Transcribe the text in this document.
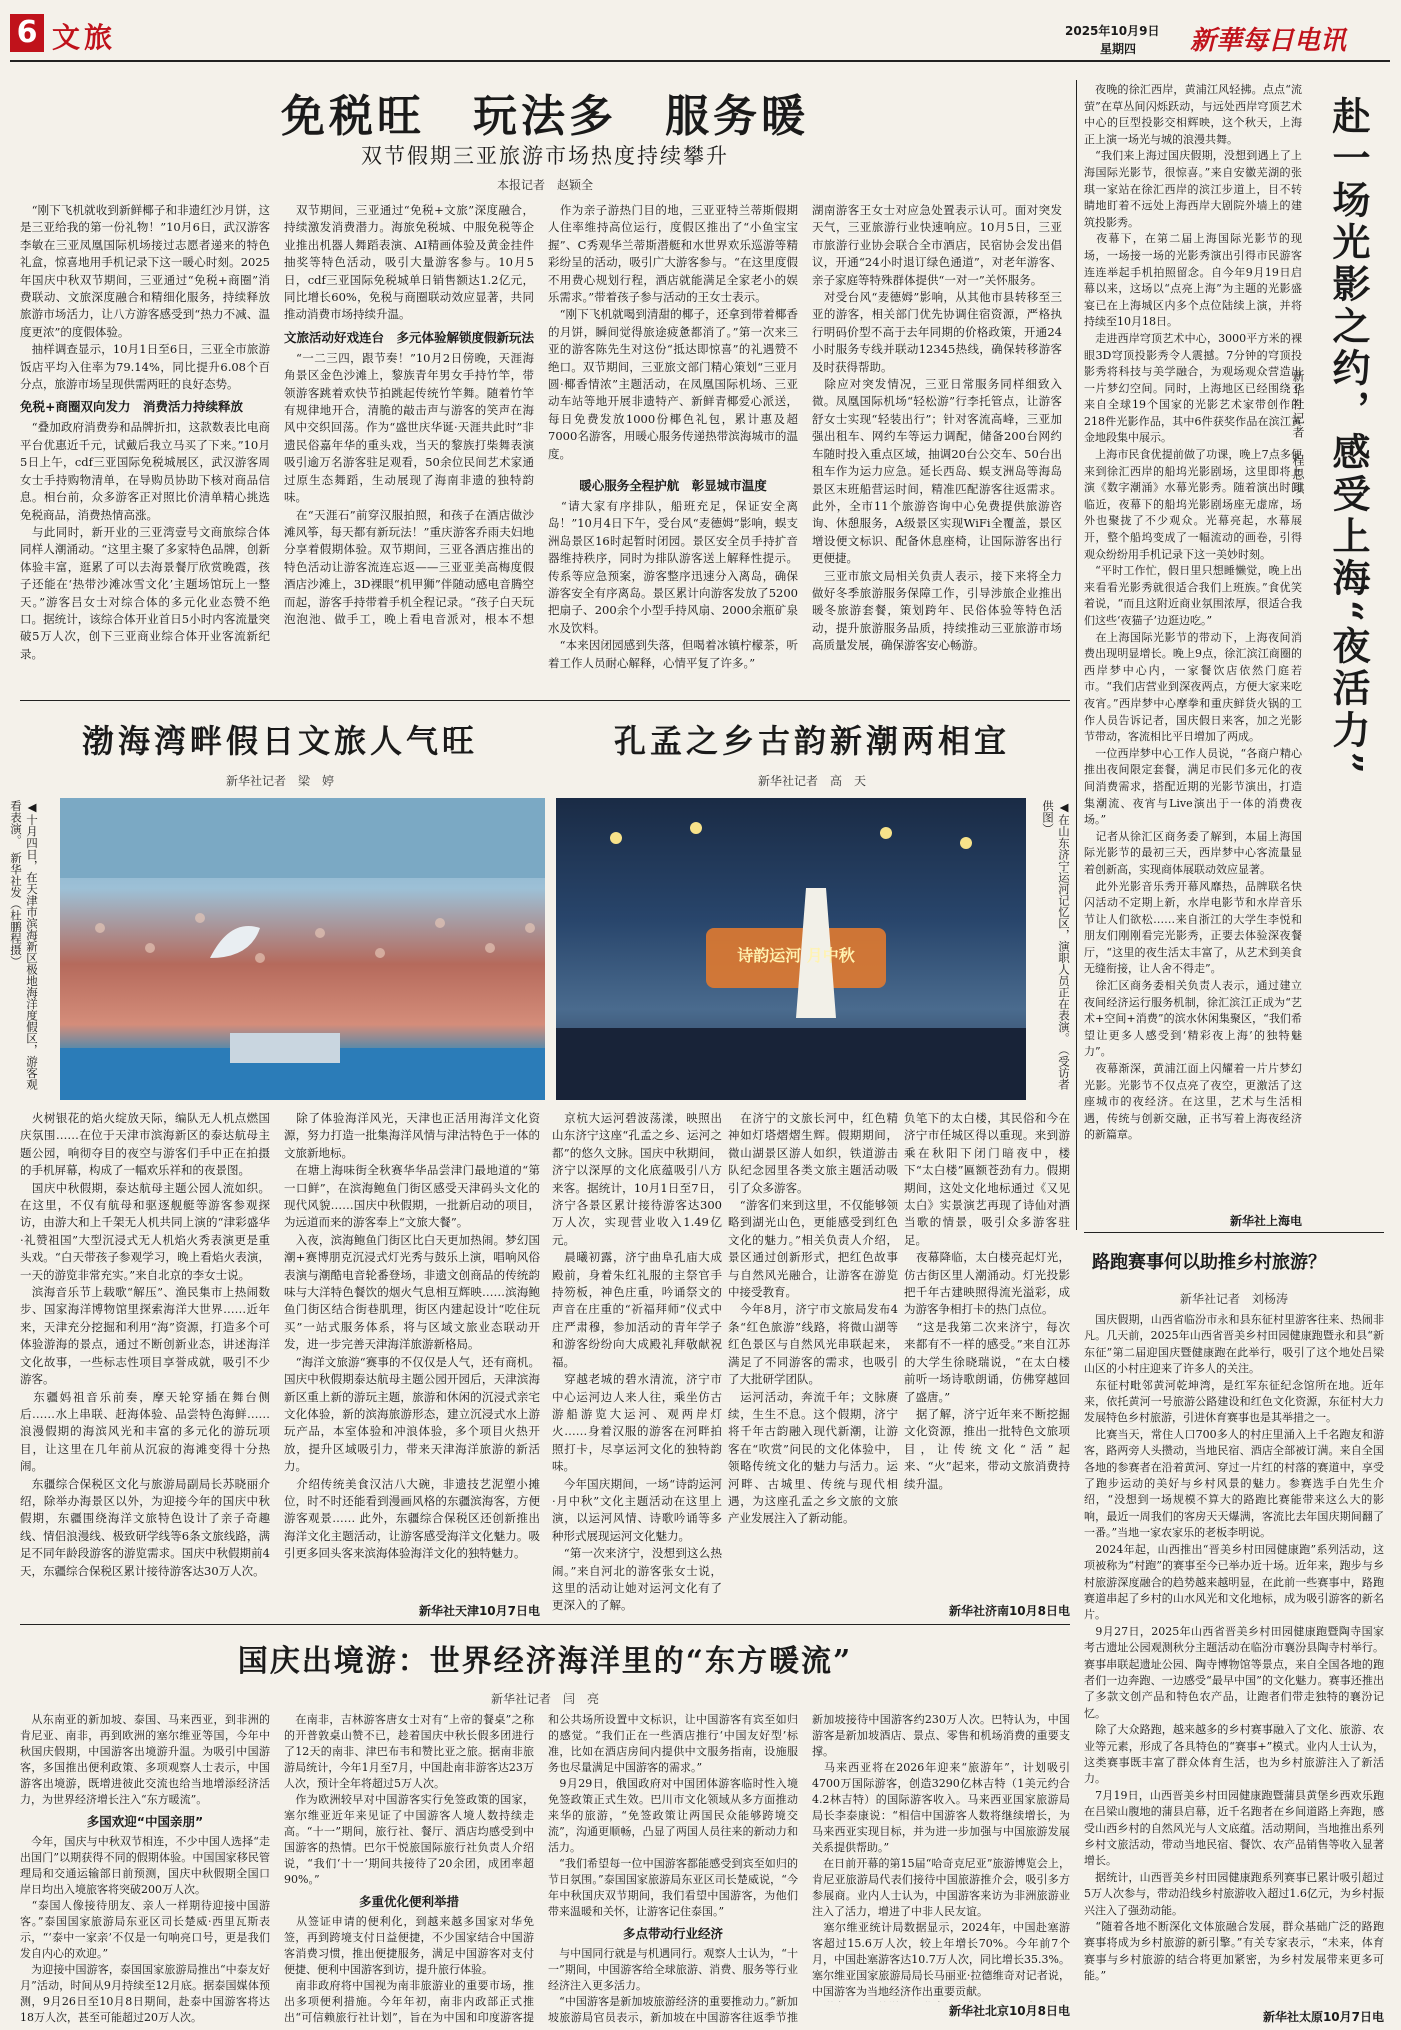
6 文旅	2025年10月9日
星期四 新華每日电讯
免税旺　玩法多　服务暖
双节假期三亚旅游市场热度持续攀升
本报记者　赵颖全
　“刚下飞机就收到新鲜椰子和非遗红沙月饼，这是三亚给我的第一份礼物！”10月6日，武汉游客李敏在三亚凤凰国际机场接过志愿者递来的特色礼盒，惊喜地用手机记录下这一暖心时刻。2025年国庆中秋双节期间，三亚通过“免税+商圈”消费联动、文旅深度融合和精细化服务，持续释放旅游市场活力，让八方游客感受到“热力不减、温度更浓”的度假体验。
　抽样调查显示，10月1日至6日，三亚全市旅游饭店平均入住率为79.14%，同比提升6.08个百分点，旅游市场呈现供需两旺的良好态势。
免税+商圈双向发力　消费活力持续释放
　“叠加政府消费券和品牌折扣，这款数表比电商平台优惠近千元，试戴后我立马买了下来。”10月5日上午，cdf三亚国际免税城展区，武汉游客周女士手持购物清单，在导购员协助下核对商品信息。相台前，众多游客正对照比价清单精心挑选免税商品，消费热情高涨。
　与此同时，新开业的三亚湾壹号文商旅综合体同样人潮涌动。“这里主聚了多家特色品牌，创新体验丰富，逛累了可以去海景餐厅欣赏晚霞，孩子还能在‘热带沙滩冰雪文化’主题场馆玩上一整天。”游客吕女士对综合体的多元化业态赞不绝口。据统计，该综合体开业首日5小时内客流量突破5万人次，创下三亚商业综合体开业客流新纪录。
　双节期间，三亚通过“免税+文旅”深度融合，持续激发消费潜力。海旅免税城、中服免税等企业推出机器人舞蹈表演、AI精画体验及黄金挂件抽奖等特色活动，吸引大量游客参与。10月5日，cdf三亚国际免税城单日销售额达1.2亿元，同比增长60%，免税与商圈联动效应显著，共同推动消费市场持续升温。
文旅活动好戏连台　多元体验解锁度假新玩法
　“一二三四，跟节奏！”10月2日傍晚，天涯海角景区金色沙滩上，黎族青年男女手持竹竿，带领游客跳着欢快节拍跳起传统竹竿舞。随着竹竿有规律地开合，清脆的敲击声与游客的笑声在海风中交织回荡。作为“盛世庆华诞·天涯共此时”非遗民俗嘉年华的重头戏，当天的黎族打柴舞表演吸引逾万名游客驻足观看，50余位民间艺术家通过原生态舞蹈，生动展现了海南非遗的独特韵味。
　在“天涯石”前穿汉服拍照，和孩子在酒店做沙滩风筝，每天都有新玩法！”重庆游客乔雨夫妇地分享着假期体验。双节期间，三亚各酒店推出的特色活动让游客流连忘返——三亚亚美高梅度假酒店沙滩上，3D裸眼“机甲狮”伴随动感电音腾空而起，游客手持带着手机全程记录。“孩子白天玩泡泡池、做手工，晚上看电音派对，根本不想
　作为亲子游热门目的地，三亚亚特兰蒂斯假期人住率维持高位运行，度假区推出了“小鱼宝宝握”、C秀观华兰蒂斯潜艇和水世界欢乐巡游等精彩纷呈的活动，吸引广大游客参与。“在这里度假不用费心规划行程，酒店就能满足全家老小的娱乐需求。”带着孩子参与活动的王女士表示。
　“刚下飞机就喝到清甜的椰子，还拿到带着椰香的月饼，瞬间觉得旅途疲惫都消了。”第一次来三亚的游客陈先生对这份“抵达即惊喜”的礼遇赞不绝口。双节期间，三亚旅文部门精心策划“三亚月圆·椰香情浓”主题活动，在凤凰国际机场、三亚动车站等地开展非遗特产、新鲜青椰爱心派送，每日免费发放1000份椰色礼包，累计惠及超7000名游客，用暖心服务传递热带滨海城市的温度。
暖心服务全程护航　彰显城市温度
　“请大家有序排队，船班充足，保证安全离岛！”10月4日下午，受台风“麦德姆”影响，蜈支洲岛景区16时起暂时闭园。景区安全员手持扩音器维持秩序，同时为排队游客送上解释性提示。传系等应急预案，游客整序迅速分入离岛，确保游客安全有序离岛。景区累计向游客发放了5200把扇子、200余个小型手持风扇、2000余瓶矿泉水及饮料。
　“本来因闭园感到失落，但喝着冰镇柠檬茶，听着工作人员耐心解释，心情平复了许多。”
湖南游客王女士对应急处置表示认可。面对突发天气，三亚旅游行业快速响应。10月5日，三亚市旅游行业协会联合全市酒店，民宿协会发出倡议，开通“24小时退订绿色通道”，对老年游客、亲子家庭等特殊群体提供“一对一”关怀服务。
　对受台风“麦德姆”影响，从其他市县转移至三亚的游客，相关部门优先协调住宿资源，严格执行明码价型不高于去年同期的价格政策，开通24小时服务专线并联动12345热线，确保转移游客及时获得帮助。
　除应对突发情况，三亚日常服务同样细致入微。凤凰国际机场“轻松游”行李托管点，让游客舒女士实现“轻装出行”；针对客流高峰，三亚加强出租车、网约车等运力调配，储备200台网约车随时投入重点区域，抽调20台公交车、50台出租车作为运力应急。延长西岛、蜈支洲岛等海岛景区末班船营运时间，精准匹配游客往返需求。此外，全市11个旅游咨询中心免费提供旅游咨询、休憩服务，A级景区实现WiFi全覆盖，景区增设便文标识、配备休息座椅，让国际游客出行更便捷。
　三亚市旅文局相关负责人表示，接下来将全力做好冬季旅游服务保障工作，引导涉旅企业推出暖冬旅游套餐，策划跨年、民俗体验等特色活动，提升旅游服务品质，持续推动三亚旅游市场高质量发展，确保游客安心畅游。
　夜晚的徐汇西岸，黄浦江风轻拂。点点“流萤”在草丛间闪烁跃动，与远处西岸穹顶艺术中心的巨型投影交相辉映，这个秋天，上海正上演一场光与城的浪漫共舞。
　“我们来上海过国庆假期，没想到遇上了上海国际光影节，很惊喜。”来自安徽芜湖的张琪一家站在徐汇西岸的滨江步道上，目不转睛地盯着不远处上海西岸大剧院外墙上的建筑投影秀。
　夜幕下，在第二届上海国际光影节的现场，一场接一场的光影秀演出引得市民游客连连举起手机拍照留念。自今年9月19日启幕以来，这场以“点亮上海”为主题的光影盛宴已在上海城区内多个点位陆续上演，并将持续至10月18日。
　走进西岸穹顶艺术中心，3000平方米的裸眼3D穹顶投影秀令人震撼。7分钟的穹顶投影秀将科技与美学融合，为观场观众营造出一片梦幻空间。同时，上海地区已经围绕了来自全球19个国家的光影艺术家带创作的218件光影作品，其中6件获奖作品在滨江黄金地段集中展示。
　上海市民食优提前做了功课，晚上7点多便来到徐汇西岸的船坞光影剧场，这里即将上演《数字潮涌》水幕光影秀。随着演出时间临近，夜幕下的船坞光影剧场座无虚席，场外也聚拢了不少观众。光幕亮起，水幕展开，整个船坞变成了一幅流动的画卷，引得观众纷纷用手机记录下这一美妙时刻。
　“平时工作忙，假日里只想睡懒觉，晚上出来看看光影秀就很适合我们上班族。”食优笑着说，“而且这附近商业氛围浓厚，很适合我们这些‘夜猫子’边逛边吃。”
　在上海国际光影节的带动下，上海夜间消费出现明显增长。晚上9点，徐汇滨江商圈的西岸梦中心内，一家餐饮店依然门庭若市。“我们店营业到深夜两点，方便大家来吃夜宵。”西岸梦中心摩拳和重庆鲜货火锅的工作人员告诉记者，国庆假日来客，加之光影节带动，客流相比平日增加了两成。
　一位西岸梦中心工作人员说，“各商户精心推出夜间限定套餐，满足市民们多元化的夜间消费需求，搭配近期的光影节演出，打造集潮流、夜宵与Live演出于一体的消费夜场。”
　记者从徐汇区商务委了解到，本届上海国际光影节的最初三天，西岸梦中心客流量显着创新高，实现商体展联动效应显著。
　此外光影音乐秀开幕风靡热，品牌联名快闪活动不定期上新，水岸电影节和水岸音乐节让人们欲松……来自浙江的大学生李悦和朋友们刚刚看完光影秀，正要去体验深夜餐厅，“这里的夜生活太丰富了，从艺术到美食无缝衔接，让人舍不得走”。
　徐汇区商务委相关负责人表示，通过建立夜间经济运行服务机制，徐汇滨江正成为“艺术+空间+消费”的滨水休闲集聚区，“我们希望让更多人感受到‘精彩夜上海’的独特魅力”。
　夜幕渐深，黄浦江面上闪耀着一片片梦幻光影。光影节不仅点亮了夜空，更激活了这座城市的夜经济。在这里，艺术与生活相遇，传统与创新交融，正书写着上海夜经济的新篇章。
新华社上海电
赴一场光影之约，感受上海“夜活力”
新华社记者　程思琪
渤海湾畔假日文旅人气旺
新华社记者　梁　婷
◀十月四日，在天津市滨海新区极地海洋度假区，游客观看表演。　新华社发（杜鹏程摄）
　火树银花的焰火绽放天际，编队无人机点燃国庆氛围……在位于天津市滨海新区的泰达航母主题公园，响彻夺目的夜空与游客们手中正在拍摄的手机屏幕，构成了一幅欢乐祥和的夜景图。
　国庆中秋假期，泰达航母主题公园人流如织。在这里，不仅有航母和驱逐舰艇等游客参观探访，由游大和上千架无人机共同上演的“津彩盛华·礼赞祖国”大型沉浸式无人机焰火秀表演更是重头戏。“白天带孩子参观学习，晚上看焰火表演，一天的游览非常充实。”来自北京的李女士说。
　滨海音乐节上载歌“解压”、渔民集市上热闹数步、国家海洋博物馆里探索海洋大世界……近年来，天津充分挖掘和利用“海”资源，打造多个可体验游海的景点，通过不断创新业态，讲述海洋文化故事，一些标志性项目享誉成就，吸引不少游客。
　东疆妈祖音乐前奏，摩天轮穿插在舞台侧后……水上串联、赶海体验、品尝特色海鲜……浪漫假期的海滨风光和丰富的多元化的游玩项目，让这里在几年前从沉寂的海滩变得十分热闹。
　东疆综合保税区文化与旅游局副局长苏晓丽介绍，除举办海景区以外，为迎接今年的国庆中秋假期，东疆围绕海洋文旅特色设计了亲子奇趣线、情侣浪漫线、极致研学线等6条文旅线路，满足不同年龄段游客的游览需求。国庆中秋假期前4天，东疆综合保税区累计接待游客达30万人次。
　除了体验海洋风光，天津也正活用海洋文化资源，努力打造一批集海洋风情与津沽特色于一体的文旅新地标。
　在塘上海味街全秋赛华华品尝津门最地道的“第一口鲜”，在滨海鲍鱼门街区感受天津码头文化的现代风貌……国庆中秋假期，一批新启动的项目，为远道而来的游客奉上“文旅大餐”。
　入夜，滨海鲍鱼门街区比白天更加热闹。梦幻国潮+赛博朋克沉浸式灯光秀与鼓乐上演，唱响风俗表演与潮酷电音轮番登场，非遗文创商品的传统韵味与大洋特色餐饮的烟火气息相互辉映……滨海鲍鱼门街区结合街巷肌理，街区内建起设计“吃住玩买”一站式服务体系，将与区域文旅业态联动开发，进一步完善天津海洋旅游新格局。
　“海洋文旅游“赛事的不仅仅是人气，还有商机。国庆中秋假期泰达航母主题公园开园后，天津滨海新区重上新的游玩主题，旅游和休闲的沉浸式亲宅文化体验，新的滨海旅游形态，建立沉浸式水上游玩产品，本室体验和冲浪体验，多个项目火热开放，提升区域吸引力，带来天津海洋旅游的新活力。
　介绍传统美食汉沽八大碗，非遗技艺泥塑小摊位，时不时还能看到漫画风格的东疆滨海客，方便游客观景…… 此外，东疆综合保税区还创新推出海洋文化主题活动，让游客感受海洋文化魅力。吸引更多回头客来滨海体验海洋文化的独特魅力。
新华社天津10月7日电
孔孟之乡古韵新潮两相宜
新华社记者　高　天
诗韵运河 月中秋	◀在山东济宁运河记忆区，演职人员正在表演。　（受访者供图）
　京杭大运河碧波荡漾，映照出山东济宁这座“孔孟之乡、运河之都”的悠久文脉。国庆中秋期间，济宁以深厚的文化底蕴吸引八方来客。据统计，10月1日至7日，济宁各景区累计接待游客达300万人次，实现营业收入1.49亿元。
　晨曦初露，济宁曲阜孔庙大成殿前，身着朱红礼服的主祭官手持笏板，神色庄重，吟诵祭文的声音在庄重的“祈福拜师”仪式中庄严肃穆，参加活动的青年学子和游客纷纷向大成殿礼拜敬献祝福。
　穿越老城的碧水清流，济宁市中心运河边人来人往，乘坐仿古游船游览大运河、观两岸灯火……身着汉服的游客在河畔拍照打卡，尽享运河文化的独特韵味。
　今年国庆期间，一场“诗韵运河·月中秋”文化主题活动在这里上演，以运河风情、诗歌吟诵等多种形式展现运河文化魅力。
　“第一次来济宁，没想到这么热闹。”来自河北的游客张女士说，这里的活动让她对运河文化有了更深入的了解。
　在济宁的文旅长河中，红色精神如灯塔熠熠生辉。假期期间，微山湖景区游人如织，铁道游击队纪念园里各类文旅主题活动吸引了众多游客。
　“游客们来到这里，不仅能够领略到湖光山色，更能感受到红色文化的魅力。”相关负责人介绍，景区通过创新形式，把红色故事与自然风光融合，让游客在游览中接受教育。
　今年8月，济宁市文旅局发布4条“红色旅游”线路，将微山湖等红色景区与自然风光串联起来，满足了不同游客的需求，也吸引了大批研学团队。
　运河活动，奔流千年；文脉赓续，生生不息。这个假期，济宁将千年古韵融入现代新潮，让游客在“吹赏”问民的文化体验中，领略传统文化的魅力与活力。运河畔、古城里、传统与现代相遇，为这座孔孟之乡文旅的文旅产业发展注入了新动能。
负笔下的太白楼，其民俗和今在济宁市任城区得以重现。来到游乘在秋阳下闭门暗夜中，楼下“太白楼”匾额苍劲有力。假期期间，这处文化地标通过《又见太白》实景演艺再现了诗仙对酒当歌的情景，吸引众多游客驻足。
　夜幕降临，太白楼亮起灯光，仿古街区里人潮涌动。灯光投影把千年古建映照得流光溢彩，成为游客争相打卡的热门点位。
　“这是我第二次来济宁，每次来都有不一样的感受。”来自江苏的大学生徐晓瑞说，“在太白楼前听一场诗歌朗诵，仿佛穿越回了盛唐。”
　据了解，济宁近年来不断挖掘文化资源，推出一批特色文旅项目，让传统文化“活”起来、“火”起来，带动文旅消费持续升温。
新华社济南10月8日电
路跑赛事何以助推乡村旅游？
新华社记者　刘杨涛
　国庆假期，山西省临汾市永和县东征村里游客往来、热闹非凡。几天前，2025年山西省晋美乡村田园健康跑暨永和县“新东征”第二届迎国庆暨健康跑在此举行，吸引了这个地处吕梁山区的小村庄迎来了许多人的关注。
　东征村毗邻黄河乾坤湾，是红军东征纪念馆所在地。近年来，依托黄河一号旅游公路建设和红色文化资源，东征村大力发展特色乡村旅游，引进休育赛事也是其举措之一。
　比赛当天，常住人口700多人的村庄里涌入上千名跑友和游客，路两旁人头攒动，当地民宿、酒店全部被订满。来自全国各地的参赛者在沿着黄河、穿过一片红的村落的赛道中，享受了跑步运动的美好与乡村风景的魅力。参赛选手白先生介绍，“没想到一场规模不算大的路跑比赛能带来这么大的影响，最近一周我们的客房天天爆满，客流比去年国庆期间翻了一番。”当地一家农家乐的老板李明说。
　2024年起，山西推出“晋美乡村田园健康跑”系列活动，这项被称为“村跑”的赛事至今已举办近十场。近年来，跑步与乡村旅游深度融合的趋势越来越明显，在此前一些赛事中，路跑赛道串起了乡村的山水风光和文化地标，成为吸引游客的新名片。
　9月27日，2025年山西省晋美乡村田园健康跑暨陶寺国家考古遗址公园观测秋分主题活动在临汾市襄汾县陶寺村举行。赛事串联起遗址公园、陶寺博物馆等景点，来自全国各地的跑者们一边奔跑、一边感受“最早中国”的文化魅力。赛事还推出了多款文创产品和特色农产品，让跑者们带走独特的襄汾记忆。
　除了大众路跑，越来越多的乡村赛事融入了文化、旅游、农业等元素，形成了各具特色的“赛事+”模式。业内人士认为，这类赛事既丰富了群众体育生活，也为乡村旅游注入了新活力。
　7月19日，山西晋美乡村田园健康跑暨蒲县黄堡乡西欢乐跑在吕梁山腹地的蒲县启幕，近千名跑者在乡间道路上奔跑，感受山西乡村的自然风光与人文底蕴。活动期间，当地推出系列乡村文旅活动，带动当地民宿、餐饮、农产品销售等收入显著增长。
　据统计，山西晋美乡村田园健康跑系列赛事已累计吸引超过5万人次参与，带动沿线乡村旅游收入超过1.6亿元，为乡村振兴注入了强劲动能。
　“随着各地不断深化文体旅融合发展，群众基础广泛的路跑赛事将成为乡村旅游的新引擎。”有关专家表示，“未来，体育赛事与乡村旅游的结合将更加紧密，为乡村发展带来更多可能。”
新华社太原10月7日电
国庆出境游：世界经济海洋里的“东方暖流”
新华社记者　闫　亮
　从东南亚的新加坡、泰国、马来西亚，到非洲的肯尼亚、南非，再到欧洲的塞尔维亚等国，今年中秋国庆假期，中国游客出境游升温。为吸引中国游客，多国推出便利政策、多项观察人士表示，中国游客出境游，既增进彼此交流也给当地增添经济活力，为世界经济增长注入“东方暖流”。
多国欢迎“中国亲朋”
　今年，国庆与中秋双节相连，不少中国人选择“走出国门”以期获得不同的假期体验。中国国家移民管理局和交通运输部日前预测，国庆中秋假期全国口岸日均出入境旅客将突破200万人次。
　“泰国人像接待朋友、亲人一样期待迎接中国游客。”泰国国家旅游局东亚区司长楚威·西里瓦斯表示，“‘泰中一家亲’不仅是一句响亮口号，更是我们发自内心的欢迎。”
　为迎接中国游客，泰国国家旅游局推出“中泰友好月”活动，时间从9月持续至12月底。据泰国媒体预测，9月26日至10月8日期间，赴泰中国游客将达18万人次，甚至可能超过20万人次。

　在南非，吉林游客唐女士对有“上帝的餐桌”之称的开普敦桌山赞不已，趁着国庆中秋长假多团进行了12天的南非、津巴布韦和赞比亚之旅。据南非旅游局统计，今年1月至7月，中国赴南非游客达23万人次，预计全年将超过5万人次。
　作为欧洲较早对中国游客实行免签政策的国家，塞尔维亚近年来见证了中国游客人境人数持续走高。“十一”期间，旅行社、餐厅、酒店均感受到中国游客的热情。巴尔干悦旅国际旅行社负责人介绍说，“我们‘十一’期间共接待了20余团，成团率超90%。”
多重优化便利举措
　从签证申请的便利化，到越来越多国家对华免签，再到跨境支付日益便捷，不少国家结合中国游客消费习惯，推出便捷服务，满足中国游客对支付便捷、便利中国游客到访，提升旅行体验。
　南非政府将中国视为南非旅游业的重要市场，推出多项便利措施。今年年初，南非内政部正式推出“可信赖旅行社计划”，旨在为中国和印度游客提

和公共场所设置中文标识，让中国游客有宾至如归的感觉。“我们正在一些酒店推行‘中国友好型’标准，比如在酒店房间内提供中文服务指南，设施服务也尽量满足中国游客的需求。”
　9月29日，俄国政府对中国团体游客临时性入境免签政策正式生效。巴川市文化领域从多方面推动来华的旅游，“免签政策让两国民众能够跨境交流”，沟通更顺畅，凸显了两国人员往来的新动力和活力。
　“我们希望每一位中国游客都能感受到宾至如归的节日氛围。”泰国国家旅游局东亚区司长楚威说，“今年中秋国庆双节期间，我们看望中国游客，为他们带来温暖和关怀，让游客记住泰国。”
多点带动行业经济
　与中国同行就是与机遇同行。观察人士认为，“十一”期间，中国游客给全球旅游、消费、服务等行业经济注入更多活力。
　“中国游客是新加坡旅游经济的重要推动力。”新加坡旅游局官员表示，新加坡在中国游客往返季节推

新加坡接待中国游客约230万人次。巴特认为，中国游客是新加坡酒店、景点、零售和机场消费的重要支撑。
　马来西亚将在2026年迎来“旅游年”，计划吸引4700万国际游客，创造3290亿林吉特（1美元约合4.2林吉特）的国际游客收入。马来西亚国家旅游局局长李泰康说：“相信中国游客人数将继续增长，为马来西亚实现目标，并为进一步加强与中国旅游发展关系提供帮助。”
　在日前开幕的第15届“哈奇克尼亚”旅游博览会上，肯尼亚旅游局代表们接待中国旅游推介会，吸引多方参展商。业内人士认为，中国游客来访为非洲旅游业注入了活力，增进了中非人民友谊。
　塞尔维亚统计局数据显示，2024年，中国赴塞游客超过15.6万人次，较上年增长70%。今年前7个月，中国赴塞游客达10.7万人次，同比增长35.3%。塞尔维亚国家旅游局局长马丽亚·拉德维奇对记者说，中国游客为当地经济作出重要贡献。

新华社北京10月8日电
